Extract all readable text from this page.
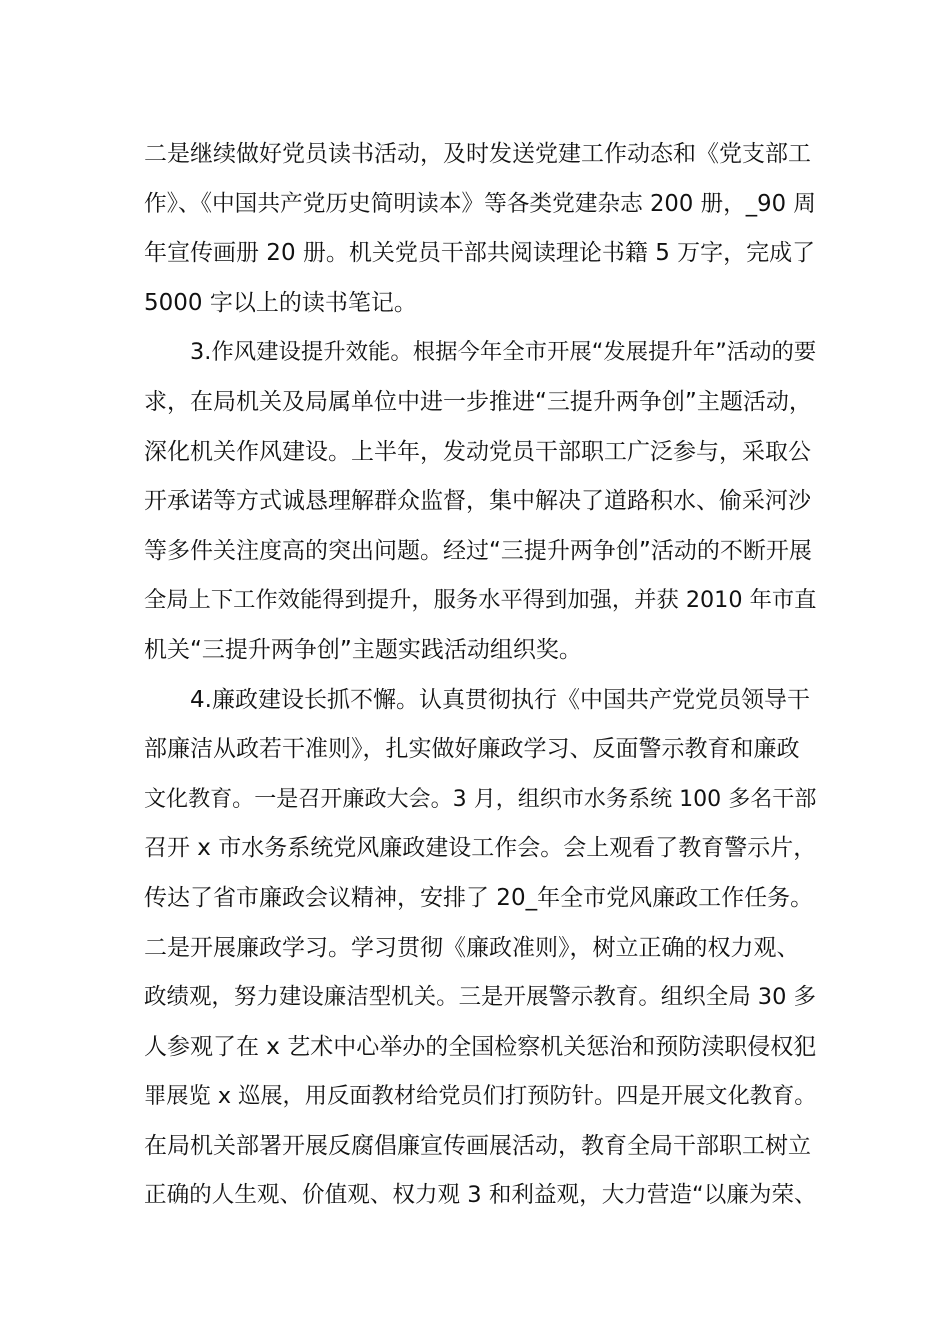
二是继续做好党员读书活动，及时发送党建工作动态和《党支部工
作》、《中国共产党历史简明读本》等各类党建杂志 200 册，_90 周
年宣传画册 20 册。机关党员干部共阅读理论书籍 5 万字，完成了
5000 字以上的读书笔记。
3.作风建设提升效能。根据今年全市开展“发展提升年”活动的要
求，在局机关及局属单位中进一步推进“三提升两争创”主题活动，
深化机关作风建设。上半年，发动党员干部职工广泛参与，采取公
开承诺等方式诚恳理解群众监督，集中解决了道路积水、偷采河沙
等多件关注度高的突出问题。经过“三提升两争创”活动的不断开展
全局上下工作效能得到提升，服务水平得到加强，并获 2010 年市直
机关“三提升两争创”主题实践活动组织奖。
4.廉政建设长抓不懈。认真贯彻执行《中国共产党党员领导干
部廉洁从政若干准则》，扎实做好廉政学习、反面警示教育和廉政
文化教育。一是召开廉政大会。3 月，组织市水务系统 100 多名干部
召开 x 市水务系统党风廉政建设工作会。会上观看了教育警示片，
传达了省市廉政会议精神，安排了 20_年全市党风廉政工作任务。
二是开展廉政学习。学习贯彻《廉政准则》，树立正确的权力观、
政绩观，努力建设廉洁型机关。三是开展警示教育。组织全局 30 多
人参观了在 x 艺术中心举办的全国检察机关惩治和预防渎职侵权犯
罪展览 x 巡展，用反面教材给党员们打预防针。四是开展文化教育。
在局机关部署开展反腐倡廉宣传画展活动，教育全局干部职工树立
正确的人生观、价值观、权力观 3 和利益观，大力营造“以廉为荣、
